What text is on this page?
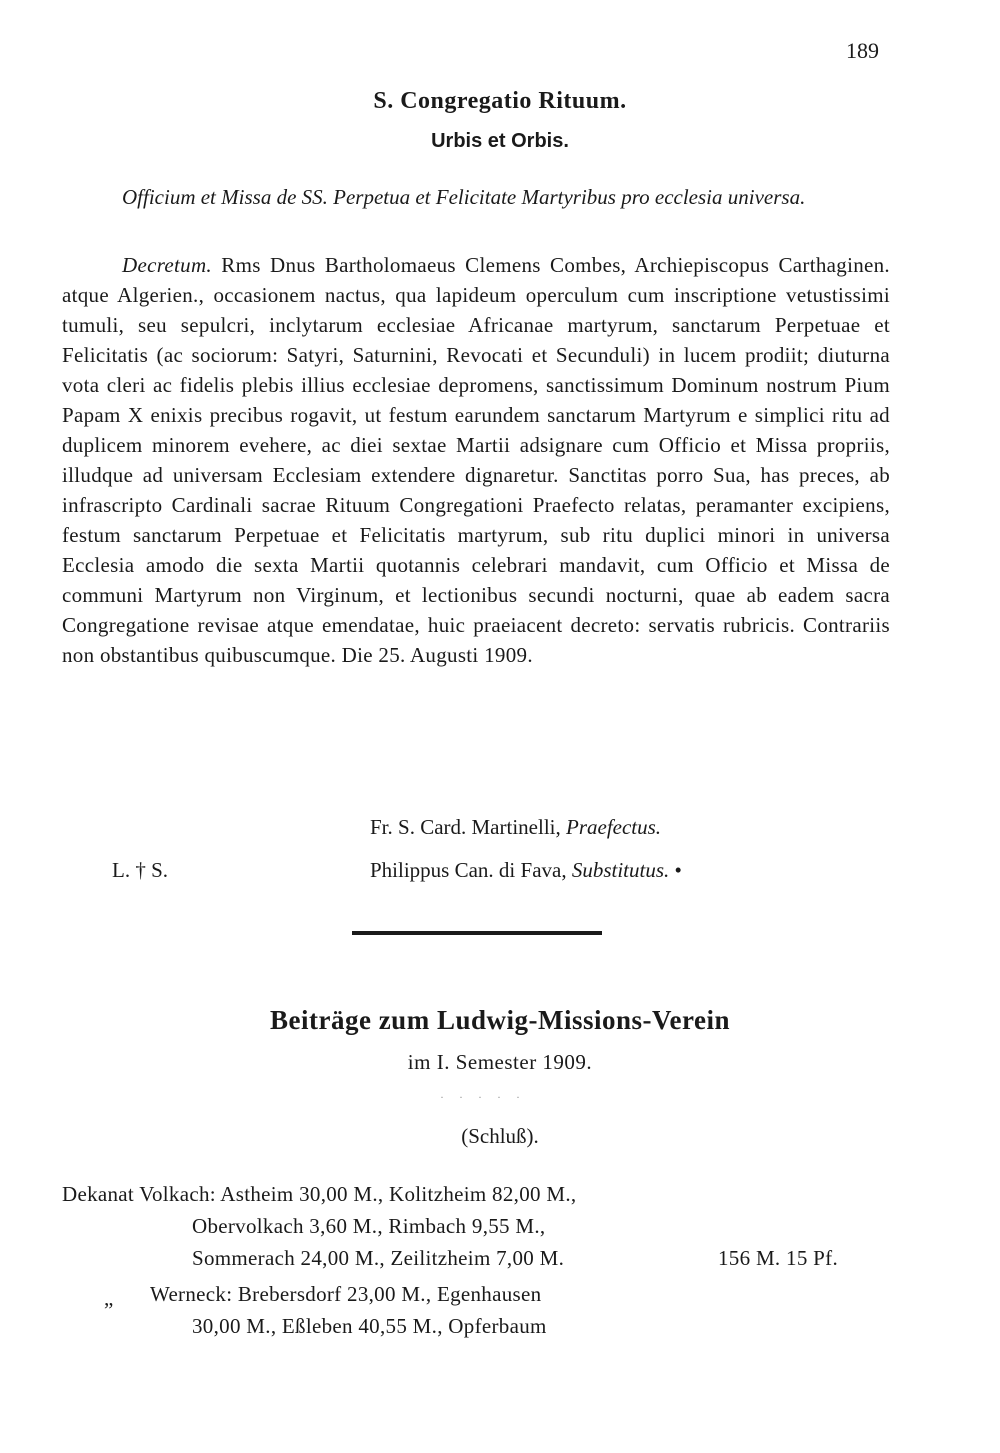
189
S. Congregatio Rituum.
Urbis et Orbis.

Officium et Missa de SS. Perpetua et Felicitate Martyribus pro ecclesia universa.

Decretum. Rms Dnus Bartholomaeus Clemens Combes, Archiepiscopus Carthaginen. atque Algerien., occasionem nactus, qua lapideum operculum cum inscriptione vetustissimi tumuli, seu sepulcri, inclytarum ecclesiae Africanae martyrum, sanctarum Perpetuae et Felicitatis (ac sociorum: Satyri, Saturnini, Revocati et Secunduli) in lucem prodiit; diuturna vota cleri ac fidelis plebis illius ecclesiae depromens, sanctissimum Dominum nostrum Pium Papam X enixis precibus rogavit, ut festum earundem sanctarum Martyrum e simplici ritu ad duplicem minorem evehere, ac diei sextae Martii adsignare cum Officio et Missa propriis, illudque ad universam Ecclesiam extendere dignaretur. Sanctitas porro Sua, has preces, ab infrascripto Cardinali sacrae Rituum Congregationi Praefecto relatas, peramanter excipiens, festum sanctarum Perpetuae et Felicitatis martyrum, sub ritu duplici minori in universa Ecclesia amodo die sexta Martii quotannis celebrari mandavit, cum Officio et Missa de communi Martyrum non Virginum, et lectionibus secundi nocturni, quae ab eadem sacra Congregatione revisae atque emendatae, huic praeiacent decreto: servatis rubricis. Contrariis non obstantibus quibuscumque. Die 25. Augusti 1909.

Fr. S. Card. Martinelli, Praefectus.
L. † S.	Philippus Can. di Fava, Substitutus. •
Beiträge zum Ludwig-Missions-Verein
im I. Semester 1909.
· · · · ·
(Schluß).
Dekanat Volkach: Astheim 30,00 M., Kolitzheim 82,00 M.,
Obervolkach 3,60 M., Rimbach 9,55 M.,
Sommerach 24,00 M., Zeilitzheim 7,00 M.	156 M. 15 Pf.
„ Werneck: Brebersdorf 23,00 M., Egenhausen
30,00 M., Eßleben 40,55 M., Opferbaum
